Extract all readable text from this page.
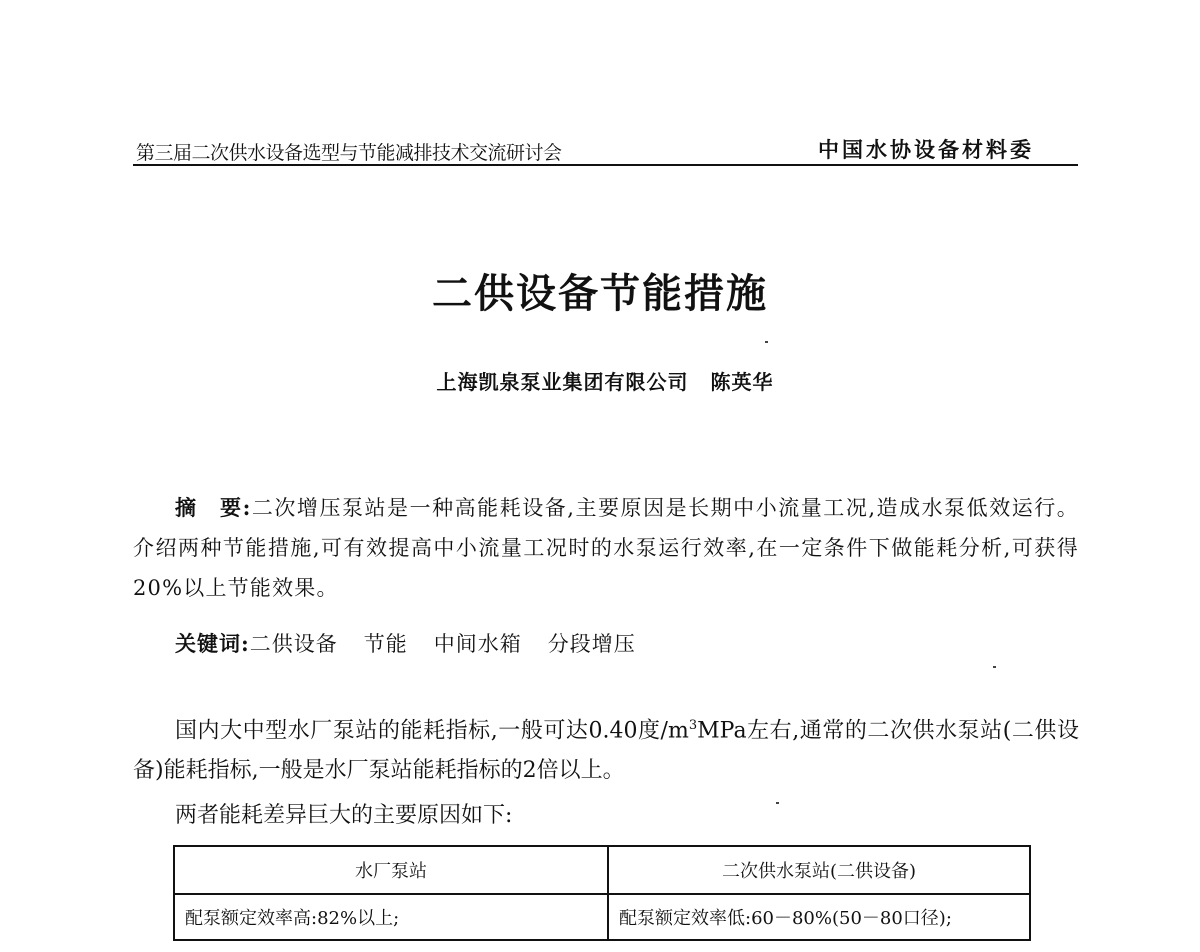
第三届二次供水设备选型与节能减排技术交流研讨会	中国水协设备材料委
二供设备节能措施
上海凯泉泵业集团有限公司 陈英华

摘　要:二次增压泵站是一种高能耗设备,主要原因是长期中小流量工况,造成水泵低效运行。介绍两种节能措施,可有效提高中小流量工况时的水泵运行效率,在一定条件下做能耗分析,可获得20%以上节能效果。

关键词:二供设备 节能 中间水箱 分段增压

国内大中型水厂泵站的能耗指标,一般可达0.40度$/m^3MPa$左右,通常的二次供水泵站(二供设备)能耗指标,一般是水厂泵站能耗指标的2倍以上。

两者能耗差异巨大的主要原因如下:

水厂泵站	二次供水泵站(二供设备)
配泵额定效率高:82%以上;	配泵额定效率低:60－80%(50－80口径);
